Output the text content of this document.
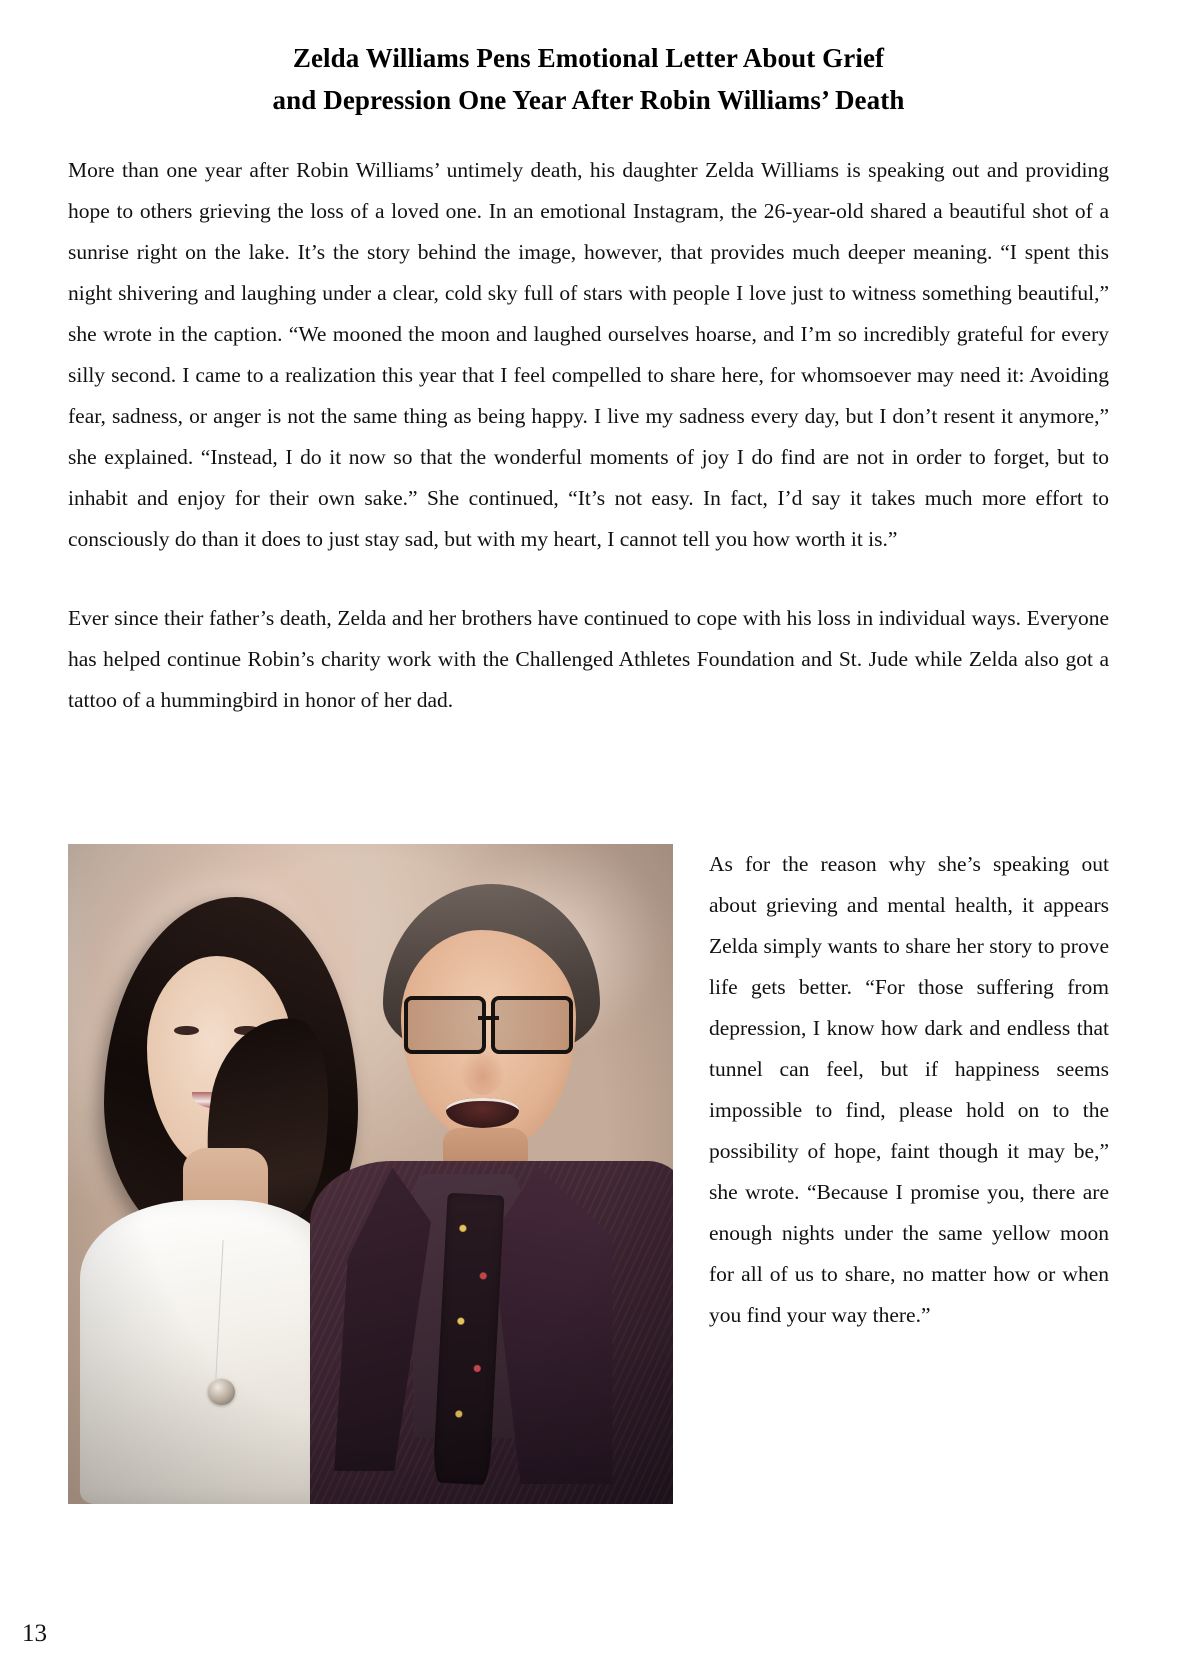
Zelda Williams Pens Emotional Letter About Grief
and Depression One Year After Robin Williams’ Death

More than one year after Robin Williams’ untimely death, his daughter Zelda Williams is speaking out and providing hope to others grieving the loss of a loved one. In an emotional Instagram, the 26-year-old shared a beautiful shot of a sunrise right on the lake. It’s the story behind the image, however, that provides much deeper meaning. “I spent this night shivering and laughing under a clear, cold sky full of stars with people I love just to witness something beautiful,” she wrote in the caption. “We mooned the moon and laughed ourselves hoarse, and I’m so incredibly grateful for every silly second. I came to a realization this year that I feel compelled to share here, for whomsoever may need it: Avoiding fear, sadness, or anger is not the same thing as being happy. I live my sadness every day, but I don’t resent it anymore,” she explained. “Instead, I do it now so that the wonderful moments of joy I do find are not in order to forget, but to inhabit and enjoy for their own sake.” She continued, “It’s not easy. In fact, I’d say it takes much more effort to consciously do than it does to just stay sad, but with my heart, I cannot tell you how worth it is.”

Ever since their father’s death, Zelda and her brothers have continued to cope with his loss in individual ways. Everyone has helped continue Robin’s charity work with the Challenged Athletes Foundation and St. Jude while Zelda also got a tattoo of a hummingbird in honor of her dad.

As for the reason why she’s speaking out about grieving and mental health, it appears Zelda simply wants to share her story to prove life gets better. “For those suffering from depression, I know how dark and endless that tunnel can feel, but if happiness seems impossible to find, please hold on to the possibility of hope, faint though it may be,” she wrote. “Because I promise you, there are enough nights under the same yellow moon for all of us to share, no matter how or when you find your way there.”

13
